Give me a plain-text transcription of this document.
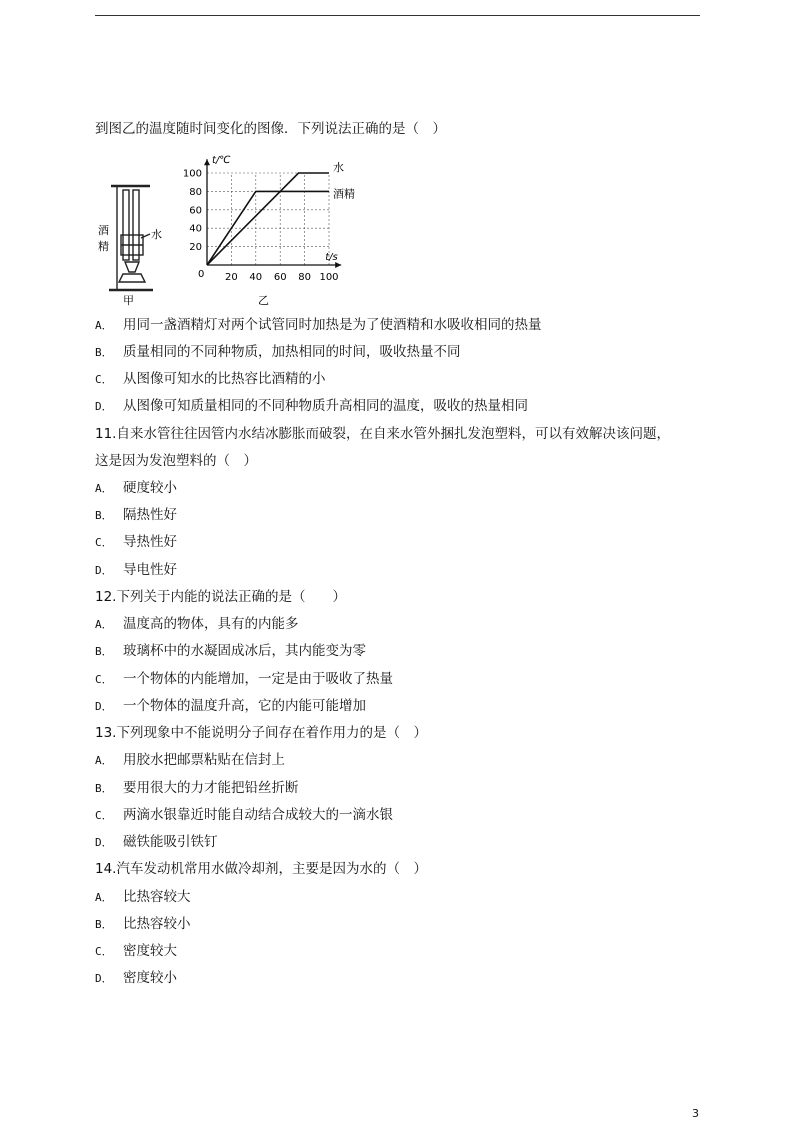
到图乙的温度随时间变化的图像．下列说法正确的是（　）
酒
精
水
甲
20 40 60 80 100
20
40
60
80
100
0
t/℃
t/s
水
酒精
乙
A． 用同一盏酒精灯对两个试管同时加热是为了使酒精和水吸收相同的热量
B． 质量相同的不同种物质，加热相同的时间，吸收热量不同
C． 从图像可知水的比热容比酒精的小
D． 从图像可知质量相同的不同种物质升高相同的温度，吸收的热量相同
11.自来水管往往因管内水结冰膨胀而破裂，在自来水管外捆扎发泡塑料，可以有效解决该问题，
这是因为发泡塑料的（　）
A． 硬度较小
B． 隔热性好
C． 导热性好
D． 导电性好
12.下列关于内能的说法正确的是（　　）
A． 温度高的物体，具有的内能多
B． 玻璃杯中的水凝固成冰后，其内能变为零
C． 一个物体的内能增加，一定是由于吸收了热量
D． 一个物体的温度升高，它的内能可能增加
13.下列现象中不能说明分子间存在着作用力的是（　）
A． 用胶水把邮票粘贴在信封上
B． 要用很大的力才能把铅丝折断
C． 两滴水银靠近时能自动结合成较大的一滴水银
D． 磁铁能吸引铁钉
14.汽车发动机常用水做冷却剂，主要是因为水的（　）
A． 比热容较大
B． 比热容较小
C． 密度较大
D． 密度较小
3
